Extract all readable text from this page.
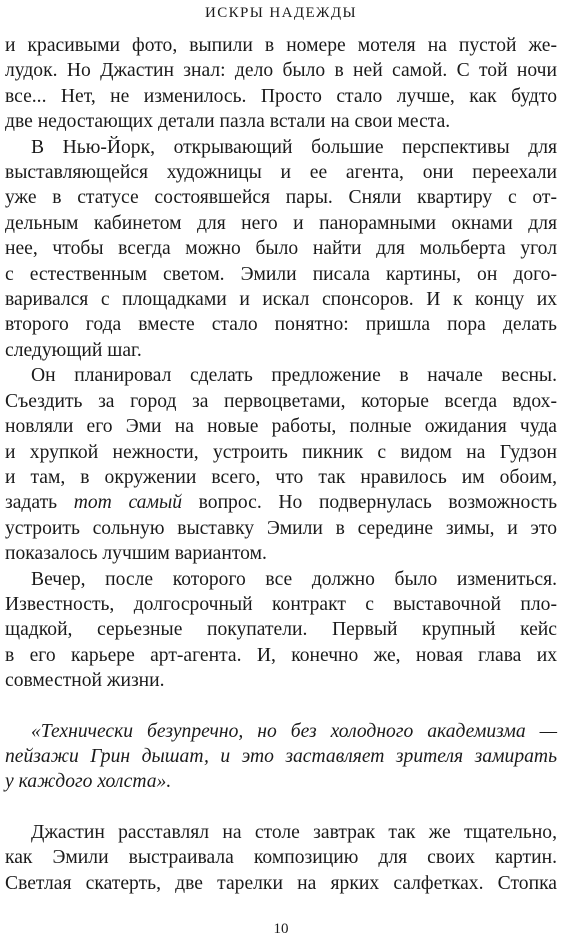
ИСКРЫ НАДЕЖДЫ
и красивыми фото, выпили в номере мотеля на пустой же-
лудок. Но Джастин знал: дело было в ней самой. С той ночи
все... Нет, не изменилось. Просто стало лучше, как будто
две недостающих детали пазла встали на свои места.
В Нью-Йорк, открывающий большие перспективы для
выставляющейся художницы и ее агента, они переехали
уже в статусе состоявшейся пары. Сняли квартиру с от-
дельным кабинетом для него и панорамными окнами для
нее, чтобы всегда можно было найти для мольберта угол
с естественным светом. Эмили писала картины, он дого-
варивался с площадками и искал спонсоров. И к концу их
второго года вместе стало понятно: пришла пора делать
следующий шаг.
Он планировал сделать предложение в начале весны.
Съездить за город за первоцветами, которые всегда вдох-
новляли его Эми на новые работы, полные ожидания чуда
и хрупкой нежности, устроить пикник с видом на Гудзон
и там, в окружении всего, что так нравилось им обоим,
задать тот самый вопрос. Но подвернулась возможность
устроить сольную выставку Эмили в середине зимы, и это
показалось лучшим вариантом.
Вечер, после которого все должно было измениться.
Известность, долгосрочный контракт с выставочной пло-
щадкой, серьезные покупатели. Первый крупный кейс
в его карьере арт-агента. И, конечно же, новая глава их
совместной жизни.
«Технически безупречно, но без холодного академизма —
пейзажи Грин дышат, и это заставляет зрителя замирать
у каждого холста».
Джастин расставлял на столе завтрак так же тщательно,
как Эмили выстраивала композицию для своих картин.
Светлая скатерть, две тарелки на ярких салфетках. Стопка
10
